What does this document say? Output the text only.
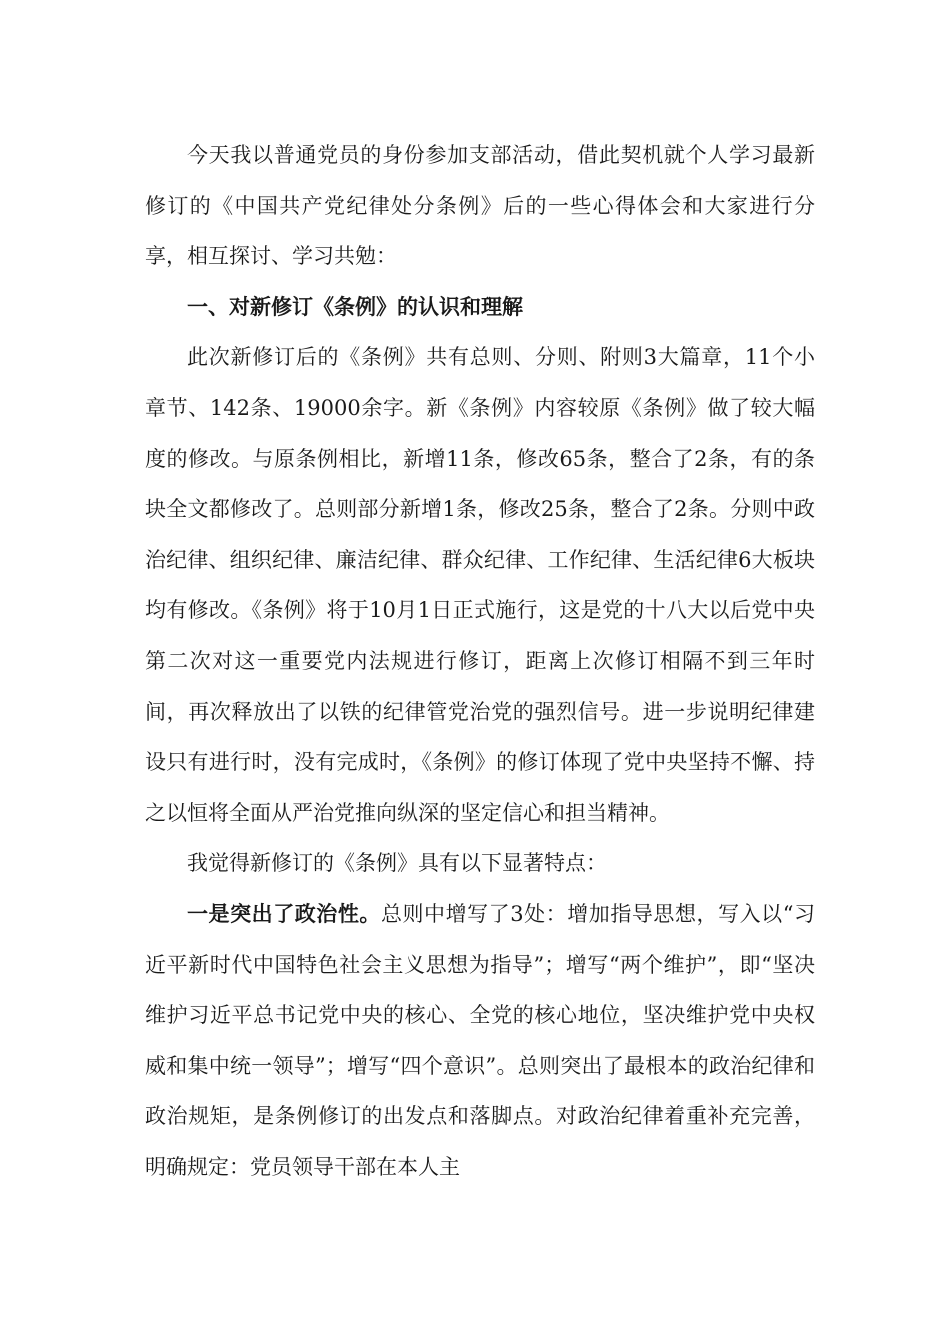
今天我以普通党员的身份参加支部活动，借此契机就个人学习最新修订的《中国共产党纪律处分条例》后的一些心得体会和大家进行分享，相互探讨、学习共勉：

一、对新修订《条例》的认识和理解

此次新修订后的《条例》共有总则、分则、附则3大篇章，11个小章节、142条、19000余字。新《条例》内容较原《条例》做了较大幅度的修改。与原条例相比，新增11条，修改65条，整合了2条，有的条块全文都修改了。总则部分新增1条，修改25条，整合了2条。分则中政治纪律、组织纪律、廉洁纪律、群众纪律、工作纪律、生活纪律6大板块均有修改。《条例》将于10月1日正式施行，这是党的十八大以后党中央第二次对这一重要党内法规进行修订，距离上次修订相隔不到三年时间，再次释放出了以铁的纪律管党治党的强烈信号。进一步说明纪律建设只有进行时，没有完成时，《条例》的修订体现了党中央坚持不懈、持之以恒将全面从严治党推向纵深的坚定信心和担当精神。

我觉得新修订的《条例》具有以下显著特点：

一是突出了政治性。总则中增写了3处：增加指导思想，写入以“习近平新时代中国特色社会主义思想为指导”；增写“两个维护”，即“坚决维护习近平总书记党中央的核心、全党的核心地位，坚决维护党中央权威和集中统一领导”；增写“四个意识”。总则突出了最根本的政治纪律和政治规矩，是条例修订的出发点和落脚点。对政治纪律着重补充完善，明确规定：党员领导干部在本人主
